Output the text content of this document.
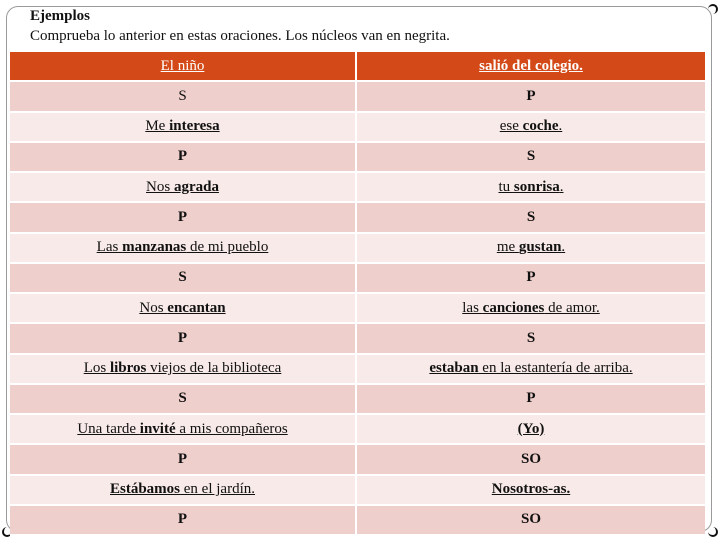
Ejemplos
Comprueba lo anterior en estas oraciones. Los núcleos van en negrita.
El niño	salió del colegio.
S	P
Me interesa	ese coche .
P	S
Nos agrada	tu sonrisa .
P	S
Las manzanas de mi pueblo	me gustan .
S	P
Nos encantan	las canciones de amor.
P	S
Los libros viejos de la biblioteca	estaban en la estantería de arriba.
S	P
Una tarde invité a mis compañeros	(Yo)
P	SO
Estábamos en el jardín.	Nosotros-as.
P	SO
